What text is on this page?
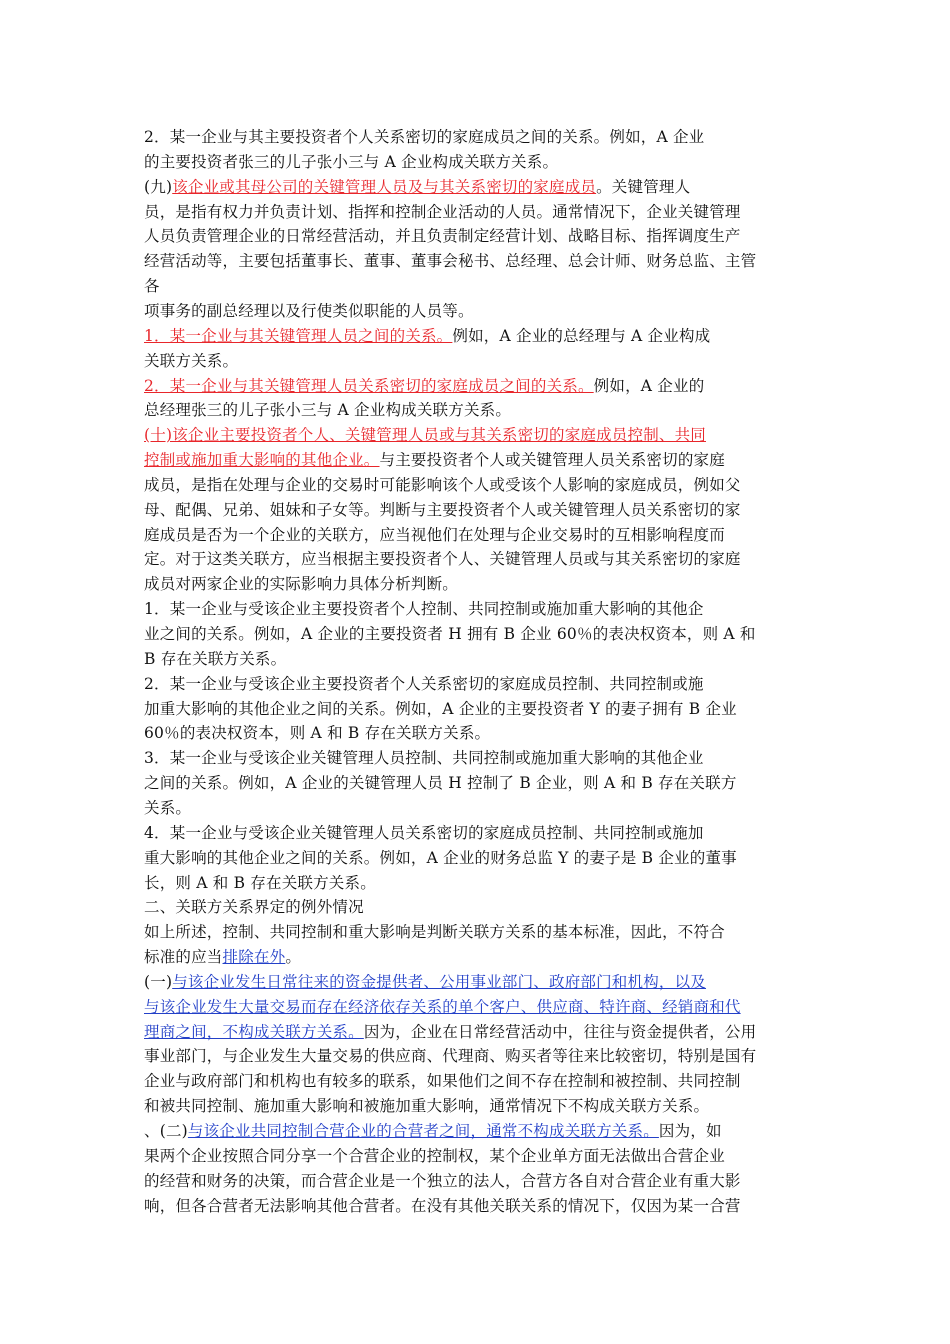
2．某一企业与其主要投资者个人关系密切的家庭成员之间的关系。例如，A 企业
的主要投资者张三的儿子张小三与 A 企业构成关联方关系。
(九)该企业或其母公司的关键管理人员及与其关系密切的家庭成员。关键管理人
员，是指有权力并负责计划、指挥和控制企业活动的人员。通常情况下，企业关键管理
人员负责管理企业的日常经营活动，并且负责制定经营计划、战略目标、指挥调度生产
经营活动等，主要包括董事长、董事、董事会秘书、总经理、总会计师、财务总监、主管
各
项事务的副总经理以及行使类似职能的人员等。
1．某一企业与其关键管理人员之间的关系。例如，A 企业的总经理与 A 企业构成
关联方关系。
2．某一企业与其关键管理人员关系密切的家庭成员之间的关系。例如，A 企业的
总经理张三的儿子张小三与 A 企业构成关联方关系。
(十)该企业主要投资者个人、关键管理人员或与其关系密切的家庭成员控制、共同
控制或施加重大影响的其他企业。与主要投资者个人或关键管理人员关系密切的家庭
成员，是指在处理与企业的交易时可能影响该个人或受该个人影响的家庭成员，例如父
母、配偶、兄弟、姐妹和子女等。判断与主要投资者个人或关键管理人员关系密切的家
庭成员是否为一个企业的关联方，应当视他们在处理与企业交易时的互相影响程度而
定。对于这类关联方，应当根据主要投资者个人、关键管理人员或与其关系密切的家庭
成员对两家企业的实际影响力具体分析判断。
1．某一企业与受该企业主要投资者个人控制、共同控制或施加重大影响的其他企
业之间的关系。例如，A 企业的主要投资者 H 拥有 B 企业 60％的表决权资本，则 A 和
B 存在关联方关系。
2．某一企业与受该企业主要投资者个人关系密切的家庭成员控制、共同控制或施
加重大影响的其他企业之间的关系。例如，A 企业的主要投资者 Y 的妻子拥有 B 企业
60％的表决权资本，则 A 和 B 存在关联方关系。
3．某一企业与受该企业关键管理人员控制、共同控制或施加重大影响的其他企业
之间的关系。例如，A 企业的关键管理人员 H 控制了 B 企业，则 A 和 B 存在关联方
关系。
4．某一企业与受该企业关键管理人员关系密切的家庭成员控制、共同控制或施加
重大影响的其他企业之间的关系。例如，A 企业的财务总监 Y 的妻子是 B 企业的董事
长，则 A 和 B 存在关联方关系。
二、关联方关系界定的例外情况
如上所述，控制、共同控制和重大影响是判断关联方关系的基本标准，因此，不符合
标准的应当排除在外。
(一)与该企业发生日常往来的资金提供者、公用事业部门、政府部门和机构，以及
与该企业发生大量交易而存在经济依存关系的单个客户、供应商、特许商、经销商和代
理商之间，不构成关联方关系。因为，企业在日常经营活动中，往往与资金提供者，公用
事业部门，与企业发生大量交易的供应商、代理商、购买者等往来比较密切，特别是国有
企业与政府部门和机构也有较多的联系，如果他们之间不存在控制和被控制、共同控制
和被共同控制、施加重大影响和被施加重大影响，通常情况下不构成关联方关系。
、(二)与该企业共同控制合营企业的合营者之间，通常不构成关联方关系。因为，如
果两个企业按照合同分享一个合营企业的控制权，某个企业单方面无法做出合营企业
的经营和财务的决策，而合营企业是一个独立的法人，合营方各自对合营企业有重大影
响，但各合营者无法影响其他合营者。在没有其他关联关系的情况下，仅因为某一合营
